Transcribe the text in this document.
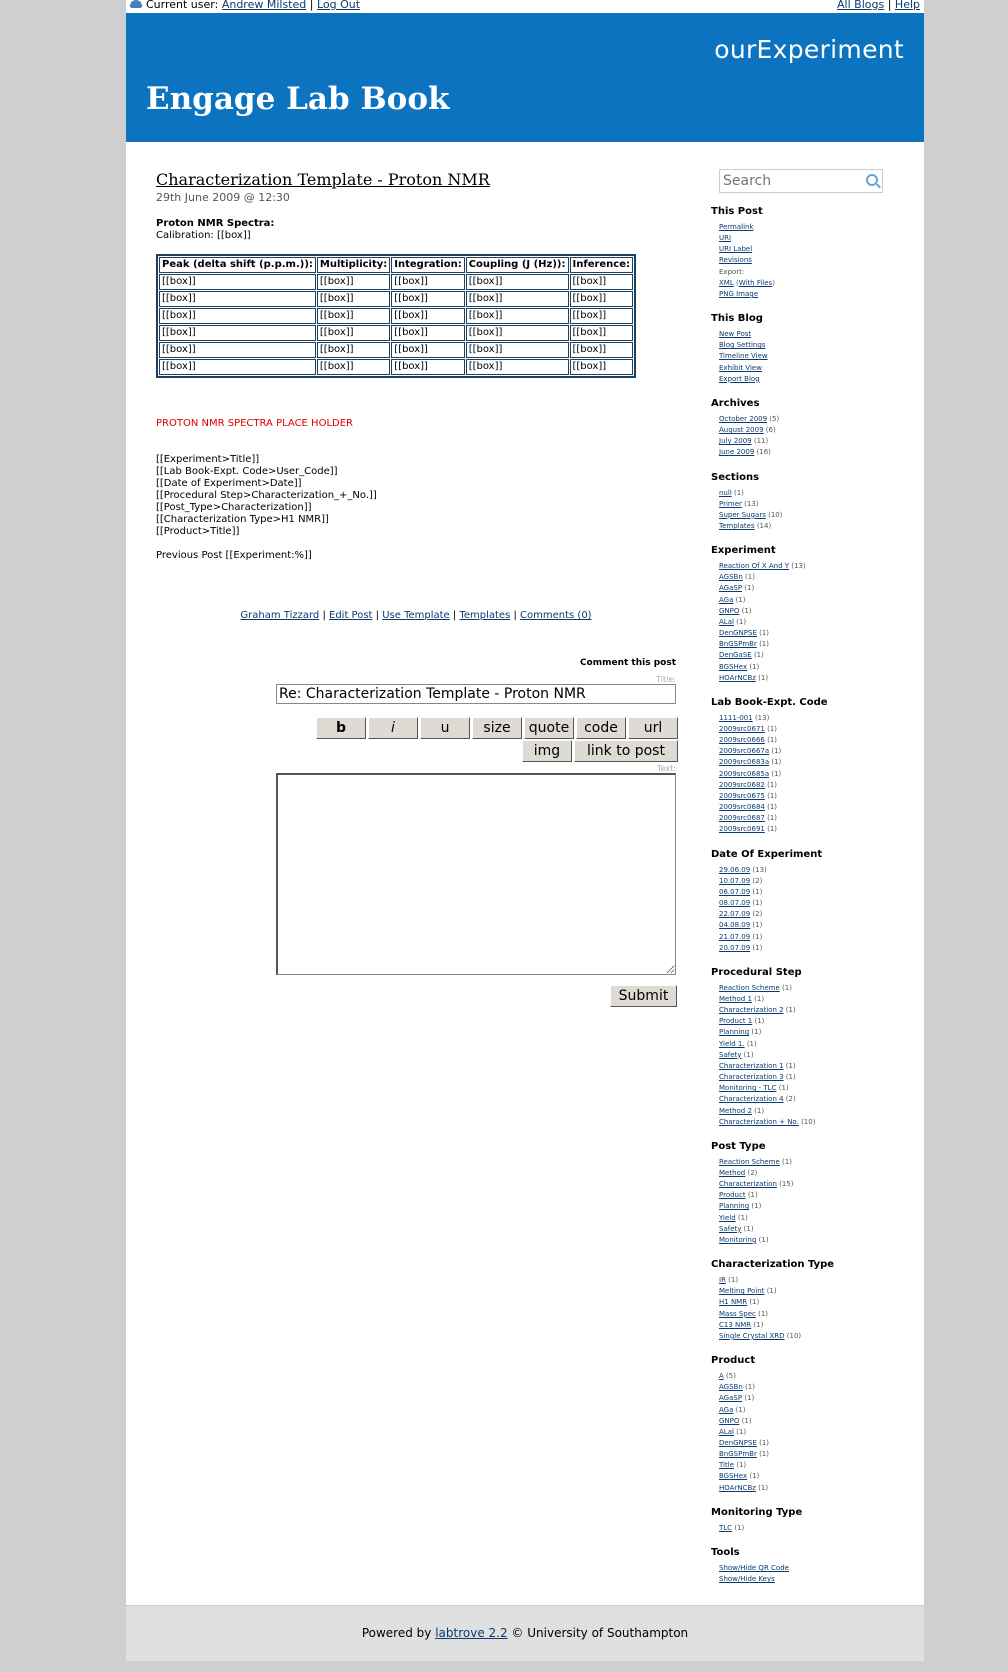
Current user: Andrew Milsted | Log Out	All Blogs | Help
ourExperiment
Engage Lab Book
Characterization Template - Proton NMR
29th June 2009 @ 12:30
Proton NMR Spectra:
Calibration: [[box]]
Peak (delta shift (p.p.m.)):	Multiplicity:	Integration:	Coupling (J (Hz)):	Inference:
[[box]]	[[box]]	[[box]]	[[box]]	[[box]]
[[box]]	[[box]]	[[box]]	[[box]]	[[box]]
[[box]]	[[box]]	[[box]]	[[box]]	[[box]]
[[box]]	[[box]]	[[box]]	[[box]]	[[box]]
[[box]]	[[box]]	[[box]]	[[box]]	[[box]]
[[box]]	[[box]]	[[box]]	[[box]]	[[box]]
PROTON NMR SPECTRA PLACE HOLDER
[[Experiment>Title]]
[[Lab Book-Expt. Code>User_Code]]
[[Date of Experiment>Date]]
[[Procedural Step>Characterization_+_No.]]
[[Post_Type>Characterization]]
[[Characterization Type>H1 NMR]]
[[Product>Title]]
Previous Post [[Experiment:%]]
Graham Tizzard | Edit Post | Use Template | Templates | Comments (0)
Comment this post
Title:
Re: Characterization Template - Proton NMR
b	i	u	size	quote	code	url
img	link to post
Text:
Submit
Search
This Post
Permalink
URI
URI Label
Revisions
Export:
XML (With Files)
PNG Image
This Blog
New Post
Blog Settings
Timeline View
Exhibit View
Export Blog
Archives
October 2009 (5)
August 2009 (6)
July 2009 (11)
June 2009 (16)
Sections
null (1)
Primer (13)
Super Sugars (10)
Templates (14)
Experiment
Reaction Of X And Y (13)
AGSBn (1)
AGaSP (1)
AGa (1)
GNPO (1)
ALal (1)
DenGNPSE (1)
BnGSPmBr (1)
DenGaSE (1)
BGSHex (1)
HOArNCBz (1)
Lab Book-Expt. Code
1111-001 (13)
2009src0671 (1)
2009src0666 (1)
2009src0667a (1)
2009src0683a (1)
2009src0685a (1)
2009src0682 (1)
2009src0675 (1)
2009src0684 (1)
2009src0687 (1)
2009src0691 (1)
Date Of Experiment
29.06.09 (13)
10.07.09 (2)
06.07.09 (1)
08.07.09 (1)
22.07.09 (2)
04.08.09 (1)
21.07.09 (1)
20.07.09 (1)
Procedural Step
Reaction Scheme (1)
Method 1 (1)
Characterization 2 (1)
Product 1 (1)
Planning (1)
Yield 1. (1)
Safety (1)
Characterization 1 (1)
Characterization 3 (1)
Monitoring - TLC (1)
Characterization 4 (2)
Method 2 (1)
Characterization + No. (10)
Post Type
Reaction Scheme (1)
Method (2)
Characterization (15)
Product (1)
Planning (1)
Yield (1)
Safety (1)
Monitoring (1)
Characterization Type
IR (1)
Melting Point (1)
H1 NMR (1)
Mass Spec (1)
C13 NMR (1)
Single Crystal XRD (10)
Product
A (5)
AGSBn (1)
AGaSP (1)
AGa (1)
GNPO (1)
ALal (1)
DenGNPSE (1)
BnGSPmBr (1)
Title (1)
BGSHex (1)
HOArNCBz (1)
Monitoring Type
TLC (1)
Tools
Show/Hide QR Code
Show/Hide Keys
Powered by labtrove 2.2 © University of Southampton
